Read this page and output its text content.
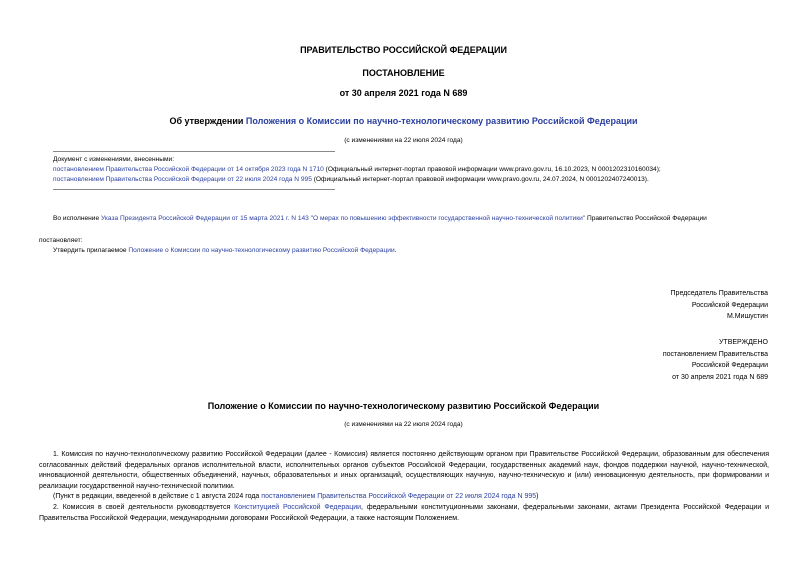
ПРАВИТЕЛЬСТВО РОССИЙСКОЙ ФЕДЕРАЦИИ
ПОСТАНОВЛЕНИЕ
от 30 апреля 2021 года N 689
Об утверждении Положения о Комиссии по научно-технологическому развитию Российской Федерации
(с изменениями на 22 июля 2024 года)
Документ с изменениями, внесенными:
постановлением Правительства Российской Федерации от 14 октября 2023 года N 1710 (Официальный интернет-портал правовой информации www.pravo.gov.ru, 16.10.2023, N 0001202310160034);
постановлением Правительства Российской Федерации от 22 июля 2024 года N 995 (Официальный интернет-портал правовой информации www.pravo.gov.ru, 24.07.2024, N 0001202407240013).
Во исполнение Указа Президента Российской Федерации от 15 марта 2021 г. N 143 "О мерах по повышению эффективности государственной научно-технической политики" Правительство Российской Федерации
постановляет:
Утвердить прилагаемое Положение о Комиссии по научно-технологическому развитию Российской Федерации.
Председатель Правительства
Российской Федерации
М.Мишустин
УТВЕРЖДЕНО
постановлением Правительства
Российской Федерации
от 30 апреля 2021 года N 689
Положение о Комиссии по научно-технологическому развитию Российской Федерации
(с изменениями на 22 июля 2024 года)

1. Комиссия по научно-технологическому развитию Российской Федерации (далее - Комиссия) является постоянно действующим органом при Правительстве Российской Федерации, образованным для обеспечения согласованных действий федеральных органов исполнительной власти, исполнительных органов субъектов Российской Федерации, государственных академий наук, фондов поддержки научной, научно-технической, инновационной деятельности, общественных объединений, научных, образовательных и иных организаций, осуществляющих научную, научно-техническую и (или) инновационную деятельность, при формировании и реализации государственной научно-технической политики.

(Пункт в редакции, введенной в действие с 1 августа 2024 года постановлением Правительства Российской Федерации от 22 июля 2024 года N 995)

2. Комиссия в своей деятельности руководствуется Конституцией Российской Федерации, федеральными конституционными законами, федеральными законами, актами Президента Российской Федерации и Правительства Российской Федерации, международными договорами Российской Федерации, а также настоящим Положением.
